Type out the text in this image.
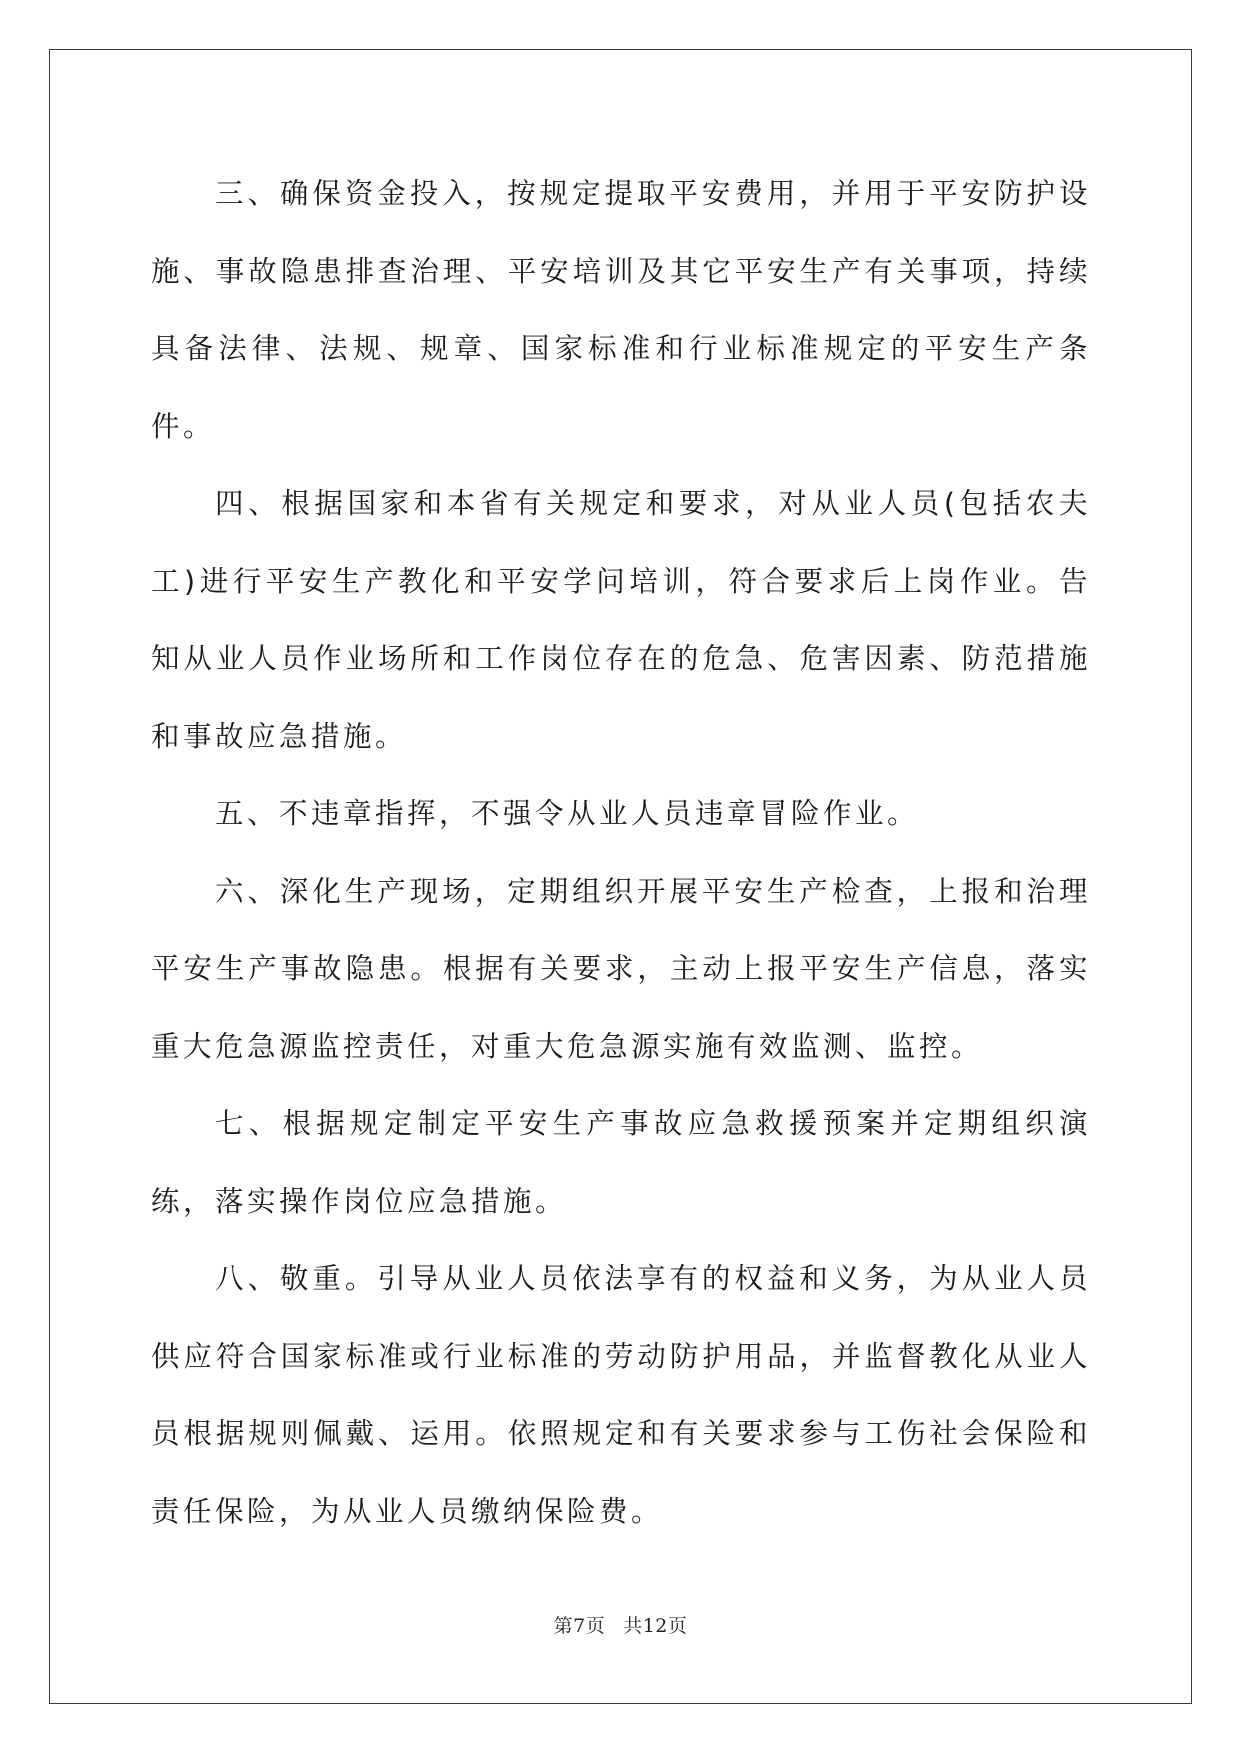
三、确保资金投入，按规定提取平安费用，并用于平安防护设施、事故隐患排查治理、平安培训及其它平安生产有关事项，持续具备法律、法规、规章、国家标准和行业标准规定的平安生产条件。

四、根据国家和本省有关规定和要求，对从业人员(包括农夫工)进行平安生产教化和平安学问培训，符合要求后上岗作业。告知从业人员作业场所和工作岗位存在的危急、危害因素、防范措施和事故应急措施。

五、不违章指挥，不强令从业人员违章冒险作业。

六、深化生产现场，定期组织开展平安生产检查，上报和治理平安生产事故隐患。根据有关要求，主动上报平安生产信息，落实重大危急源监控责任，对重大危急源实施有效监测、监控。

七、根据规定制定平安生产事故应急救援预案并定期组织演练，落实操作岗位应急措施。

八、敬重。引导从业人员依法享有的权益和义务，为从业人员供应符合国家标准或行业标准的劳动防护用品，并监督教化从业人员根据规则佩戴、运用。依照规定和有关要求参与工伤社会保险和责任保险，为从业人员缴纳保险费。

第7页 共12页
